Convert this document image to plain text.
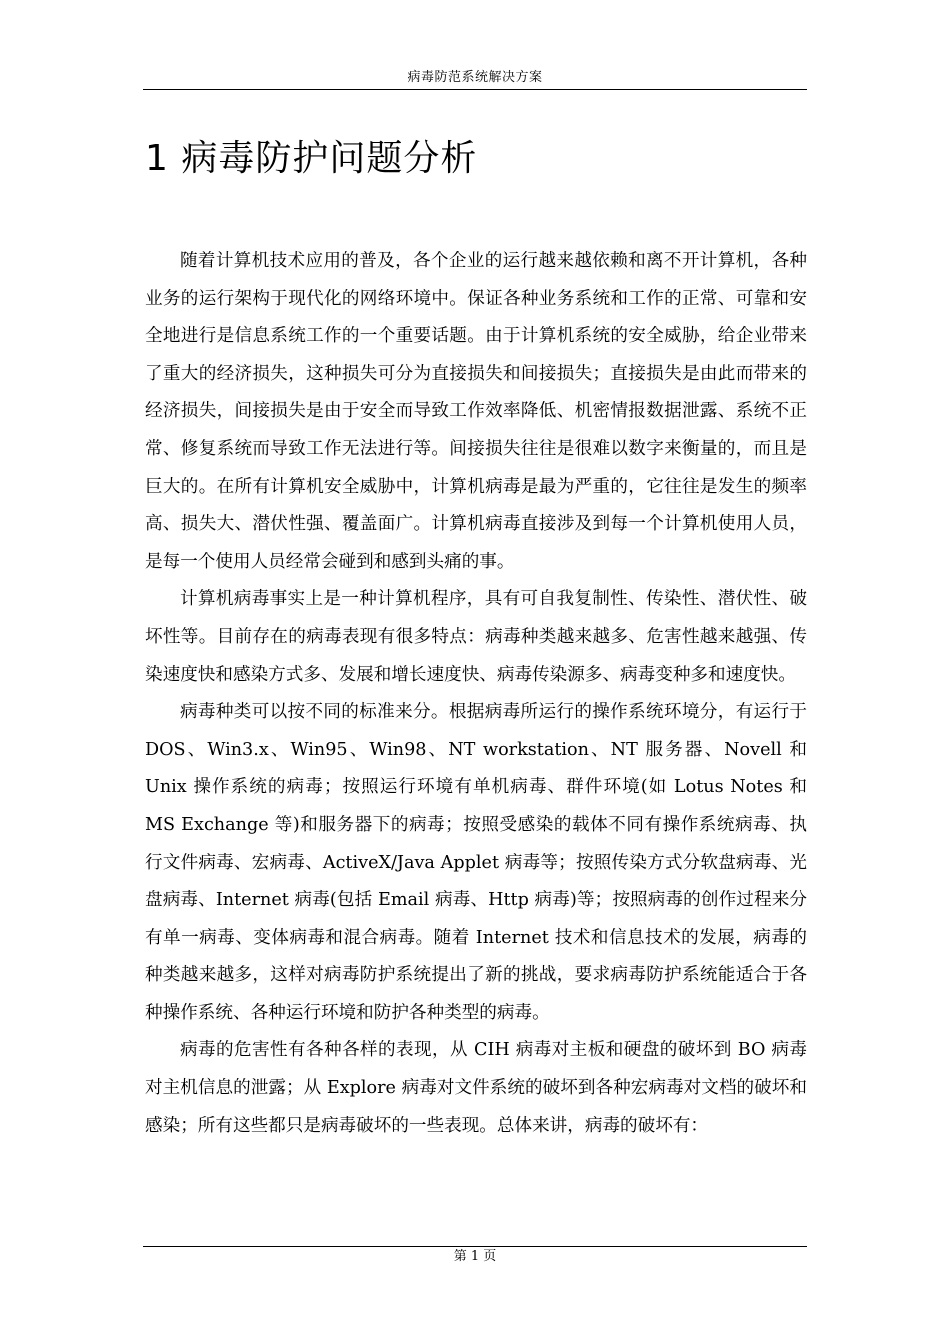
病毒防范系统解决方案
1 病毒防护问题分析

随着计算机技术应用的普及，各个企业的运行越来越依赖和离不开计算机，各种业务的运行架构于现代化的网络环境中。保证各种业务系统和工作的正常、可靠和安全地进行是信息系统工作的一个重要话题。由于计算机系统的安全威胁，给企业带来了重大的经济损失，这种损失可分为直接损失和间接损失；直接损失是由此而带来的经济损失，间接损失是由于安全而导致工作效率降低、机密情报数据泄露、系统不正常、修复系统而导致工作无法进行等。间接损失往往是很难以数字来衡量的，而且是巨大的。在所有计算机安全威胁中，计算机病毒是最为严重的，它往往是发生的频率高、损失大、潜伏性强、覆盖面广。计算机病毒直接涉及到每一个计算机使用人员，是每一个使用人员经常会碰到和感到头痛的事。

计算机病毒事实上是一种计算机程序，具有可自我复制性、传染性、潜伏性、破坏性等。目前存在的病毒表现有很多特点：病毒种类越来越多、危害性越来越强、传染速度快和感染方式多、发展和增长速度快、病毒传染源多、病毒变种多和速度快。

病毒种类可以按不同的标准来分。根据病毒所运行的操作系统环境分，有运行于 DOS、Win3.x、Win95、Win98、NT workstation、NT 服务器、Novell 和 Unix 操作系统的病毒；按照运行环境有单机病毒、群件环境(如 Lotus Notes 和 MS Exchange 等)和服务器下的病毒；按照受感染的载体不同有操作系统病毒、执行文件病毒、宏病毒、ActiveX/Java Applet 病毒等；按照传染方式分软盘病毒、光盘病毒、Internet 病毒(包括 Email 病毒、Http 病毒)等；按照病毒的创作过程来分有单一病毒、变体病毒和混合病毒。随着 Internet 技术和信息技术的发展，病毒的种类越来越多，这样对病毒防护系统提出了新的挑战，要求病毒防护系统能适合于各种操作系统、各种运行环境和防护各种类型的病毒。

病毒的危害性有各种各样的表现，从 CIH 病毒对主板和硬盘的破坏到 BO 病毒对主机信息的泄露；从 Explore 病毒对文件系统的破坏到各种宏病毒对文档的破坏和感染；所有这些都只是病毒破坏的一些表现。总体来讲，病毒的破坏有：

第 1 页
